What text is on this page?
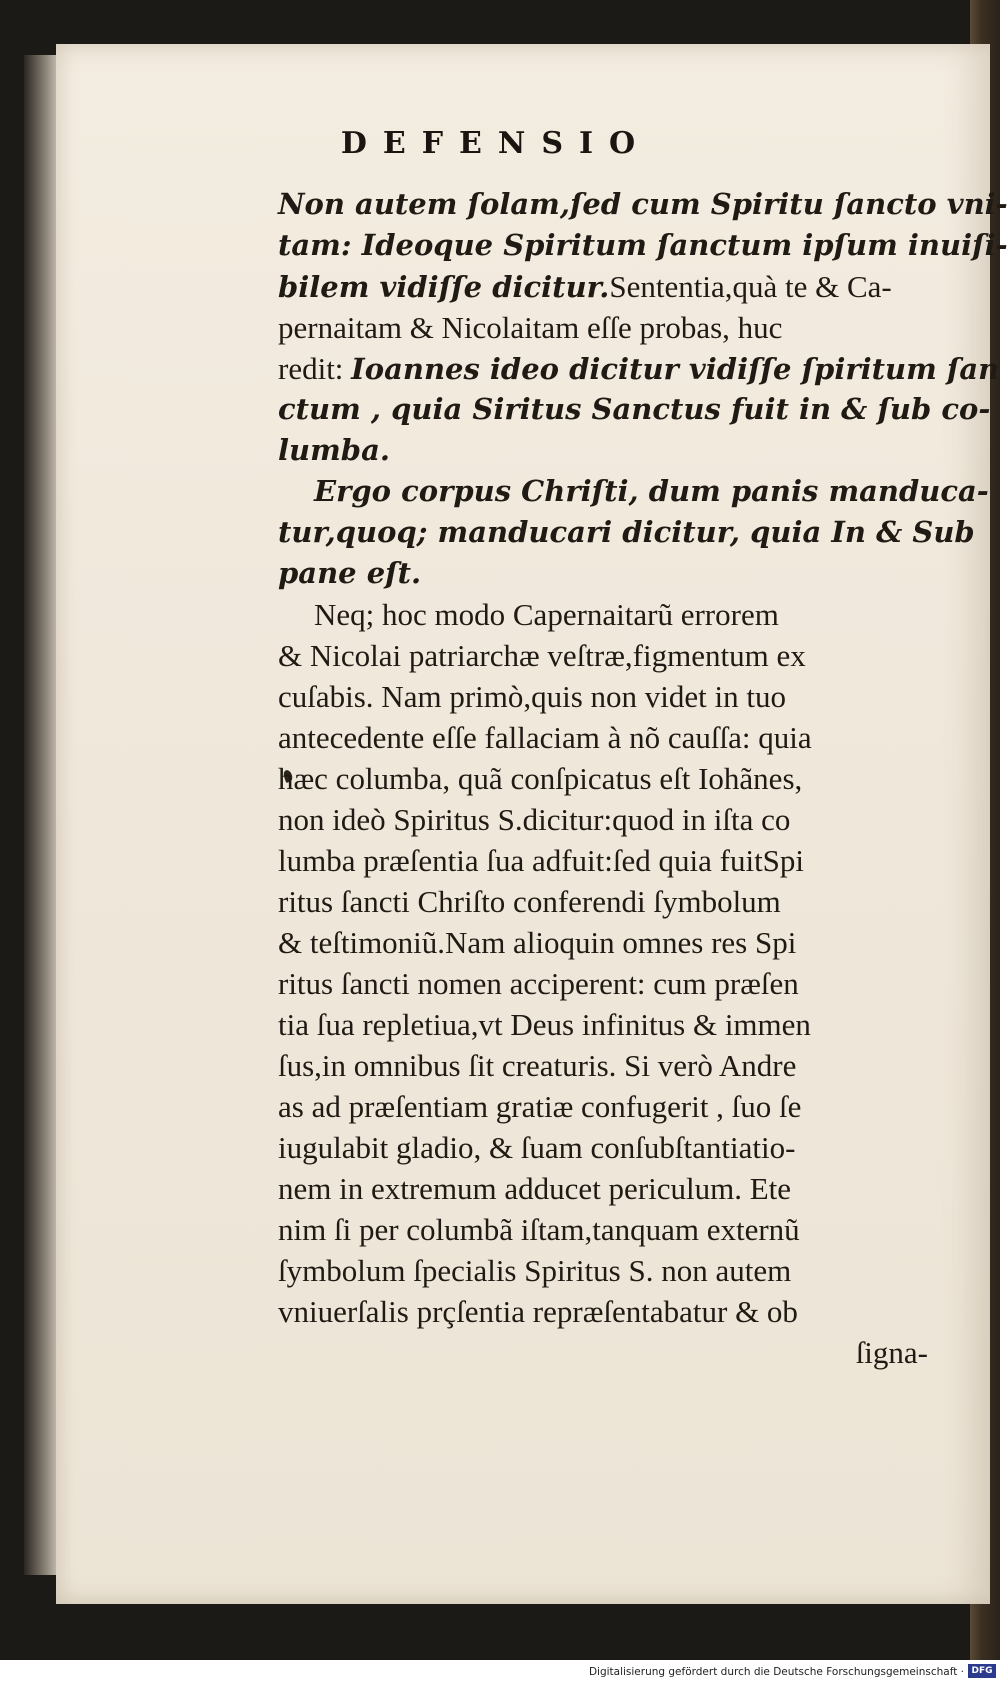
DEFENSIO
Non autem ſolam,ſed cum Spiritu ſancto vni-
tam: Ideoque Spiritum ſanctum ipſum inuiſi-
bilem vidiſſe dicitur.Sententia,quà te & Ca-
pernaitam & Nicolaitam eſſe probas, huc
redit: Ioannes ideo dicitur vidiſſe ſpiritum ſan
ctum , quia Siritus Sanctus fuit in & ſub co-
lumba.
Ergo corpus Chriſti, dum panis manduca-
tur,quoq; manducari dicitur, quia In & Sub
pane eſt.
Neq; hoc modo Capernaitarũ errorem
& Nicolai patriarchæ veſtræ,figmentum ex
cuſabis. Nam primò,quis non videt in tuo
antecedente eſſe fallaciam à nõ cauſſa: quia
hæc columba, quã conſpicatus eſt Iohãnes,
non ideò Spiritus S.dicitur:quod in iſta co
lumba præſentia ſua adfuit:ſed quia fuitSpi
ritus ſancti Chriſto conferendi ſymbolum
& teſtimoniũ.Nam alioquin omnes res Spi
ritus ſancti nomen acciperent: cum præſen
tia ſua repletiua,vt Deus infinitus & immen
ſus,in omnibus ſit creaturis. Si verò Andre
as ad præſentiam gratiæ confugerit , ſuo ſe
iugulabit gladio, & ſuam conſubſtantiatio-
nem in extremum adducet periculum. Ete
nim ſi per columbã iſtam,tanquam externũ
ſymbolum ſpecialis Spiritus S. non autem
vniuerſalis prçſentia repræſentabatur & ob
ſigna-
Digitalisierung gefördert durch die Deutsche Forschungsgemeinschaft · DFG
